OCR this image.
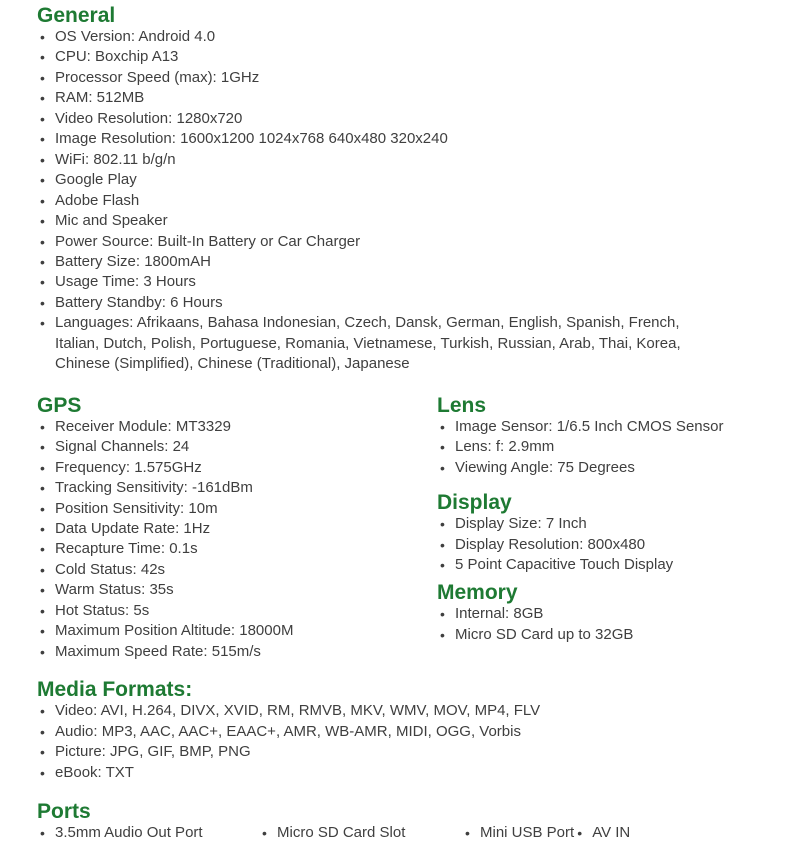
General
•
OS Version: Android 4.0
•
CPU: Boxchip A13
•
Processor Speed (max): 1GHz
•
RAM: 512MB
•
Video Resolution: 1280x720
•
Image Resolution: 1600x1200 1024x768 640x480 320x240
•
WiFi: 802.11 b/g/n
•
Google Play
•
Adobe Flash
•
Mic and Speaker
•
Power Source: Built-In Battery or Car Charger
•
Battery Size: 1800mAH
•
Usage Time: 3 Hours
•
Battery Standby: 6 Hours
•
Languages: Afrikaans, Bahasa Indonesian, Czech, Dansk, German, English, Spanish, French,
Italian, Dutch, Polish, Portuguese, Romania, Vietnamese, Turkish, Russian, Arab, Thai, Korea,
Chinese (Simplified), Chinese (Traditional), Japanese
GPS
•
Receiver Module: MT3329
•
Signal Channels: 24
•
Frequency: 1.575GHz
•
Tracking Sensitivity: -161dBm
•
Position Sensitivity: 10m
•
Data Update Rate: 1Hz
•
Recapture Time: 0.1s
•
Cold Status: 42s
•
Warm Status: 35s
•
Hot Status: 5s
•
Maximum Position Altitude: 18000M
•
Maximum Speed Rate: 515m/s
Lens
•
Image Sensor: 1/6.5 Inch CMOS Sensor
•
Lens: f: 2.9mm
•
Viewing Angle: 75 Degrees
Display
•
Display Size: 7 Inch
•
Display Resolution: 800x480
•
5 Point Capacitive Touch Display
Memory
•
Internal: 8GB
•
Micro SD Card up to 32GB
Media Formats:
•
Video: AVI, H.264, DIVX, XVID, RM, RMVB, MKV, WMV, MOV, MP4, FLV
•
Audio: MP3, AAC, AAC+, EAAC+, AMR, WB-AMR, MIDI, OGG, Vorbis
•
Picture: JPG, GIF, BMP, PNG
•
eBook: TXT
Ports
•
3.5mm Audio Out Port •	Micro SD Card Slot •	Mini USB Port • AV IN
